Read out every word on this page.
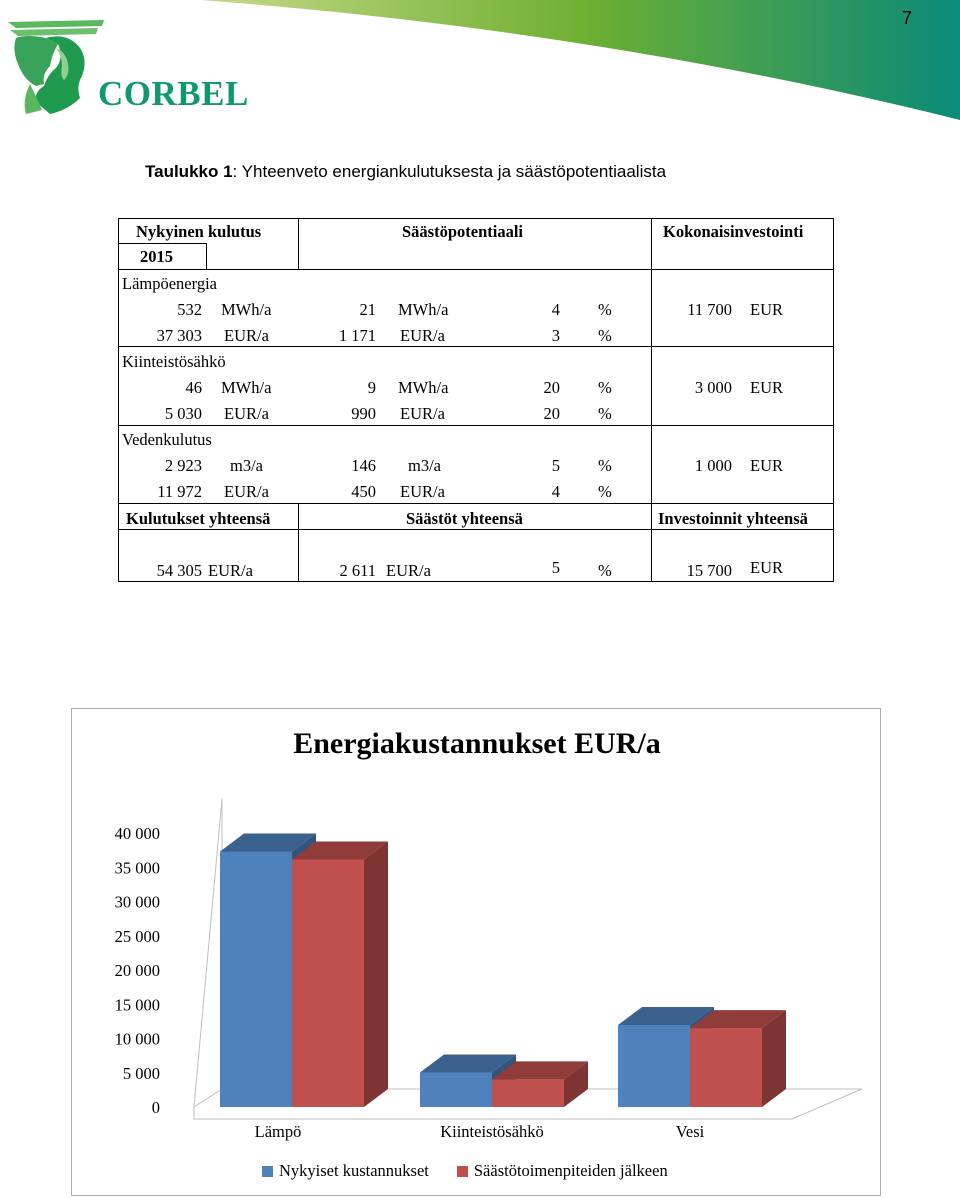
7
CORBEL
Taulukko 1: Yhteenveto energiankulutuksesta ja säästöpotentiaalista
Nykyinen kulutus
2015
Säästöpotentiaali	Kokonaisinvestointi
Lämpöenergia
532 MWh/a	21 MWh/a	4 %	11 700 EUR
37 303 EUR/a	1 171 EUR/a	3 %
Kiinteistösähkö
46 MWh/a	9 MWh/a	20 %	3 000 EUR
5 030 EUR/a	990 EUR/a	20 %
Vedenkulutus
2 923 m3/a	146 m3/a	5 %	1 000 EUR
11 972 EUR/a	450 EUR/a	4 %
Kulutukset yhteensä	Säästöt yhteensä	Investoinnit yhteensä
54 305 EUR/a	2 611 EUR/a	5 %	15 700 EUR
Energiakustannukset EUR/a
0
5 000
10 000
15 000
20 000
25 000
30 000
35 000
40 000
Lämpö	Kiinteistösähkö	Vesi
Nykyiset kustannukset	Säästötoimenpiteiden jälkeen
